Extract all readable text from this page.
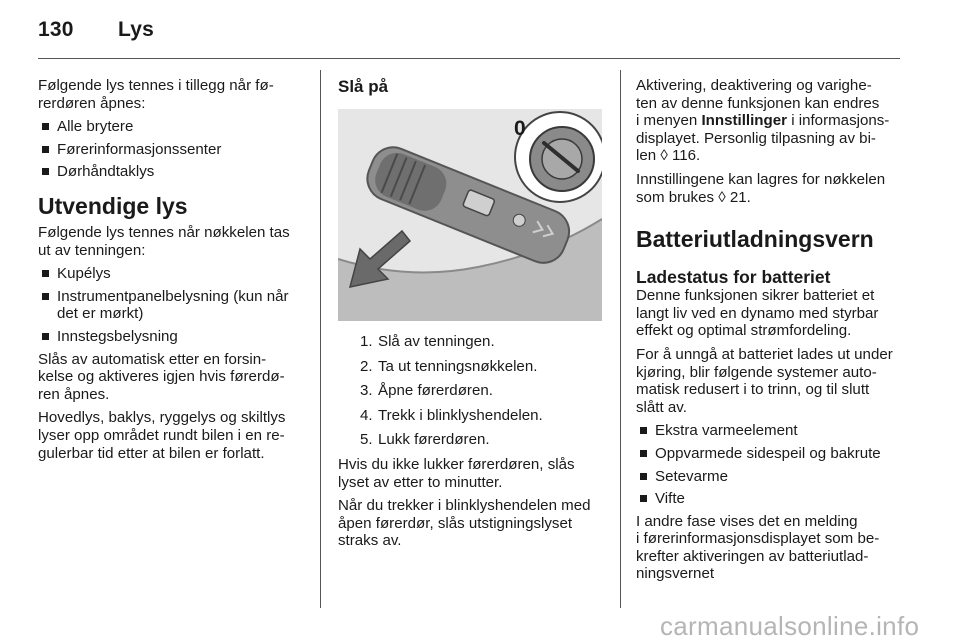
130 Lys

Følgende lys tennes i tillegg når fø-
rerdøren åpnes:

Alle brytere
Førerinformasjonssenter
Dørhåndtaklys
Utvendige lys

Følgende lys tennes når nøkkelen tas
ut av tenningen:

Kupélys
Instrumentpanelbelysning (kun når
det er mørkt)
Innstegsbelysning

Slås av automatisk etter en forsin-
kelse og aktiveres igjen hvis førerdø-
ren åpnes.

Hovedlys, baklys, ryggelys og skiltlys
lyser opp området rundt bilen i en re-
gulerbar tid etter at bilen er forlatt.

Slå på
0
1. Slå av tenningen.
2. Ta ut tenningsnøkkelen.
3. Åpne førerdøren.
4. Trekk i blinklyshendelen.
5. Lukk førerdøren.

Hvis du ikke lukker førerdøren, slås
lyset av etter to minutter.

Når du trekker i blinklyshendelen med
åpen førerdør, slås utstigningslyset
straks av.

Aktivering, deaktivering og varighe-
ten av denne funksjonen kan endres
i menyen Innstillinger i informasjons-
displayet. Personlig tilpasning av bi-
len ◊ 116.

Innstillingene kan lagres for nøkkelen
som brukes ◊ 21.

Batteriutladningsvern
Ladestatus for batteriet

Denne funksjonen sikrer batteriet et
langt liv ved en dynamo med styrbar
effekt og optimal strømfordeling.

For å unngå at batteriet lades ut under
kjøring, blir følgende systemer auto-
matisk redusert i to trinn, og til slutt
slått av.

Ekstra varmeelement
Oppvarmede sidespeil og bakrute
Setevarme
Vifte

I andre fase vises det en melding
i førerinformasjonsdisplayet som be-
krefter aktiveringen av batteriutlad-
ningsvernet

carmanualsonline.info
